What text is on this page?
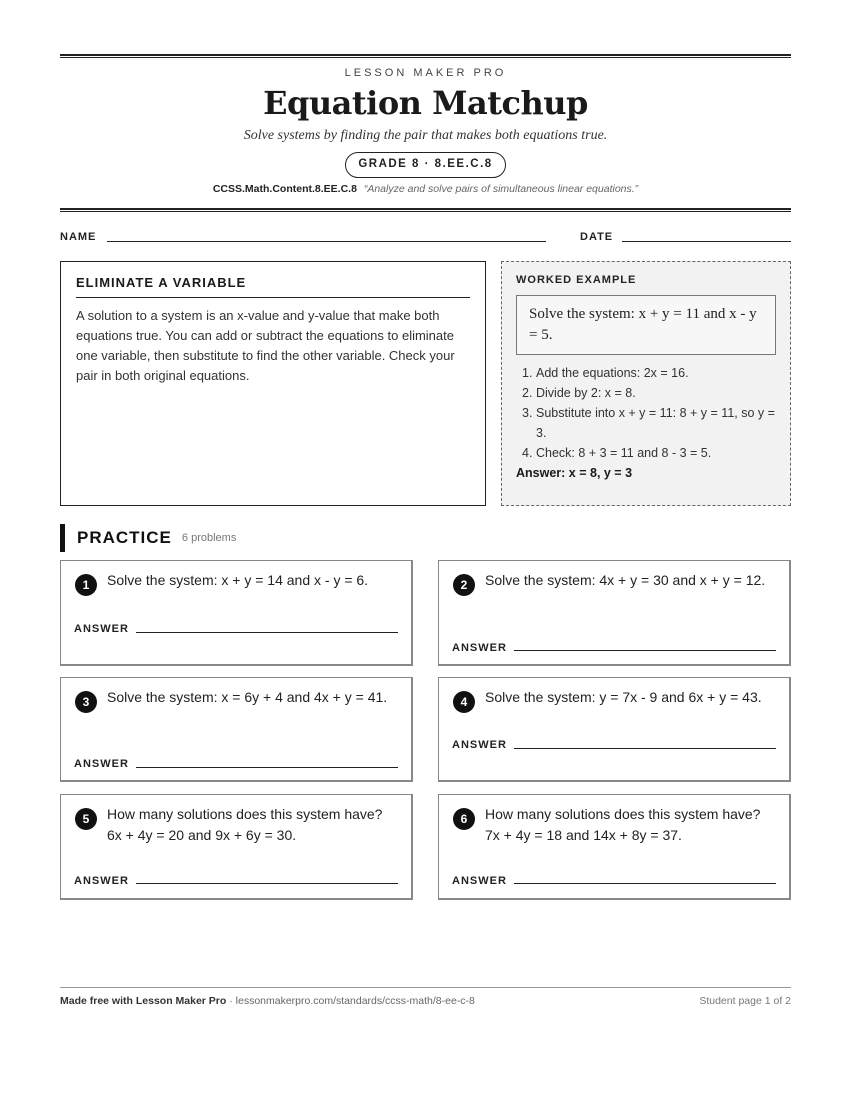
LESSON MAKER PRO
Equation Matchup
Solve systems by finding the pair that makes both equations true.
GRADE 8 · 8.EE.C.8
CCSS.Math.Content.8.EE.C.8 “Analyze and solve pairs of simultaneous linear equations.”
NAME	DATE
ELIMINATE A VARIABLE
A solution to a system is an x-value and y-value that make both equations true. You can add or subtract the equations to eliminate one variable, then substitute to find the other variable. Check your pair in both original equations.
WORKED EXAMPLE
Solve the system: x + y = 11 and x - y = 5.
1. Add the equations: 2x = 16.
2. Divide by 2: x = 8.
3. Substitute into x + y = 11: 8 + y = 11, so y = 3.
4. Check: 8 + 3 = 11 and 8 - 3 = 5.
Answer: x = 8, y = 3
PRACTICE 6 problems
1	Solve the system: x + y = 14 and x - y = 6.
ANSWER
2	Solve the system: 4x + y = 30 and x + y = 12.
ANSWER
3	Solve the system: x = 6y + 4 and 4x + y = 41.
ANSWER
4	Solve the system: y = 7x - 9 and 6x + y = 43.
ANSWER
5	How many solutions does this system have? 6x + 4y = 20 and 9x + 6y = 30.
ANSWER
6	How many solutions does this system have? 7x + 4y = 18 and 14x + 8y = 37.
ANSWER
Made free with Lesson Maker Pro · lessonmakerpro.com/standards/ccss-math/8-ee-c-8	Student page 1 of 2
